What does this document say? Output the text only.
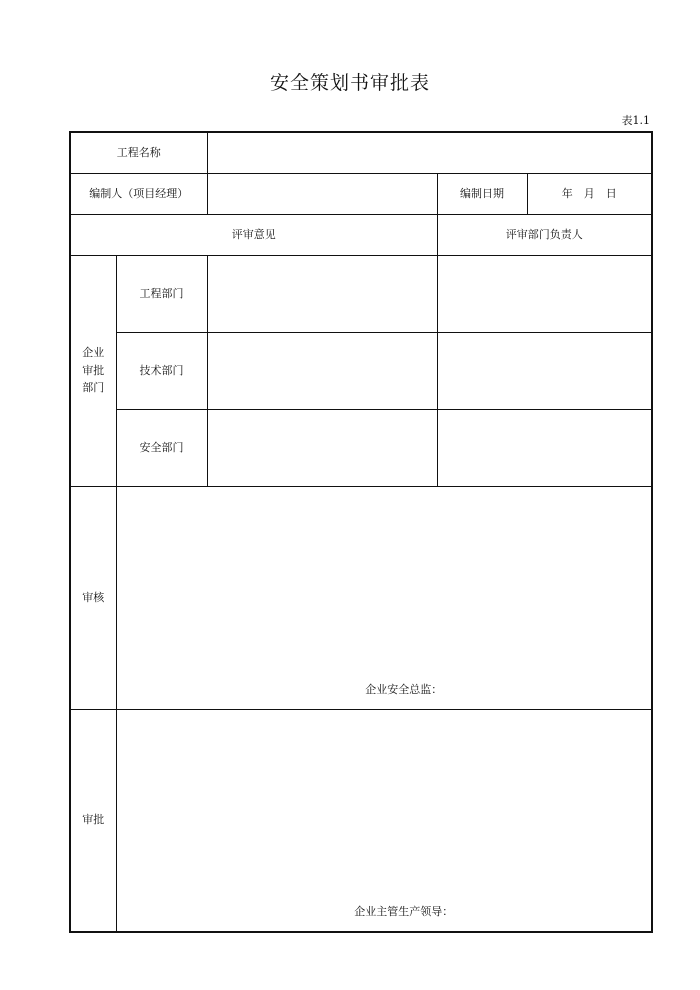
安全策划书审批表
表1.1
工程名称				
编制人（项目经理）			编制日期	年　月　日
评审意见			评审部门负责人	
企业审批部门	工程部门			
	技术部门			
	安全部门			
审核	企业安全总监：			
审批	企业主管生产领导：			
